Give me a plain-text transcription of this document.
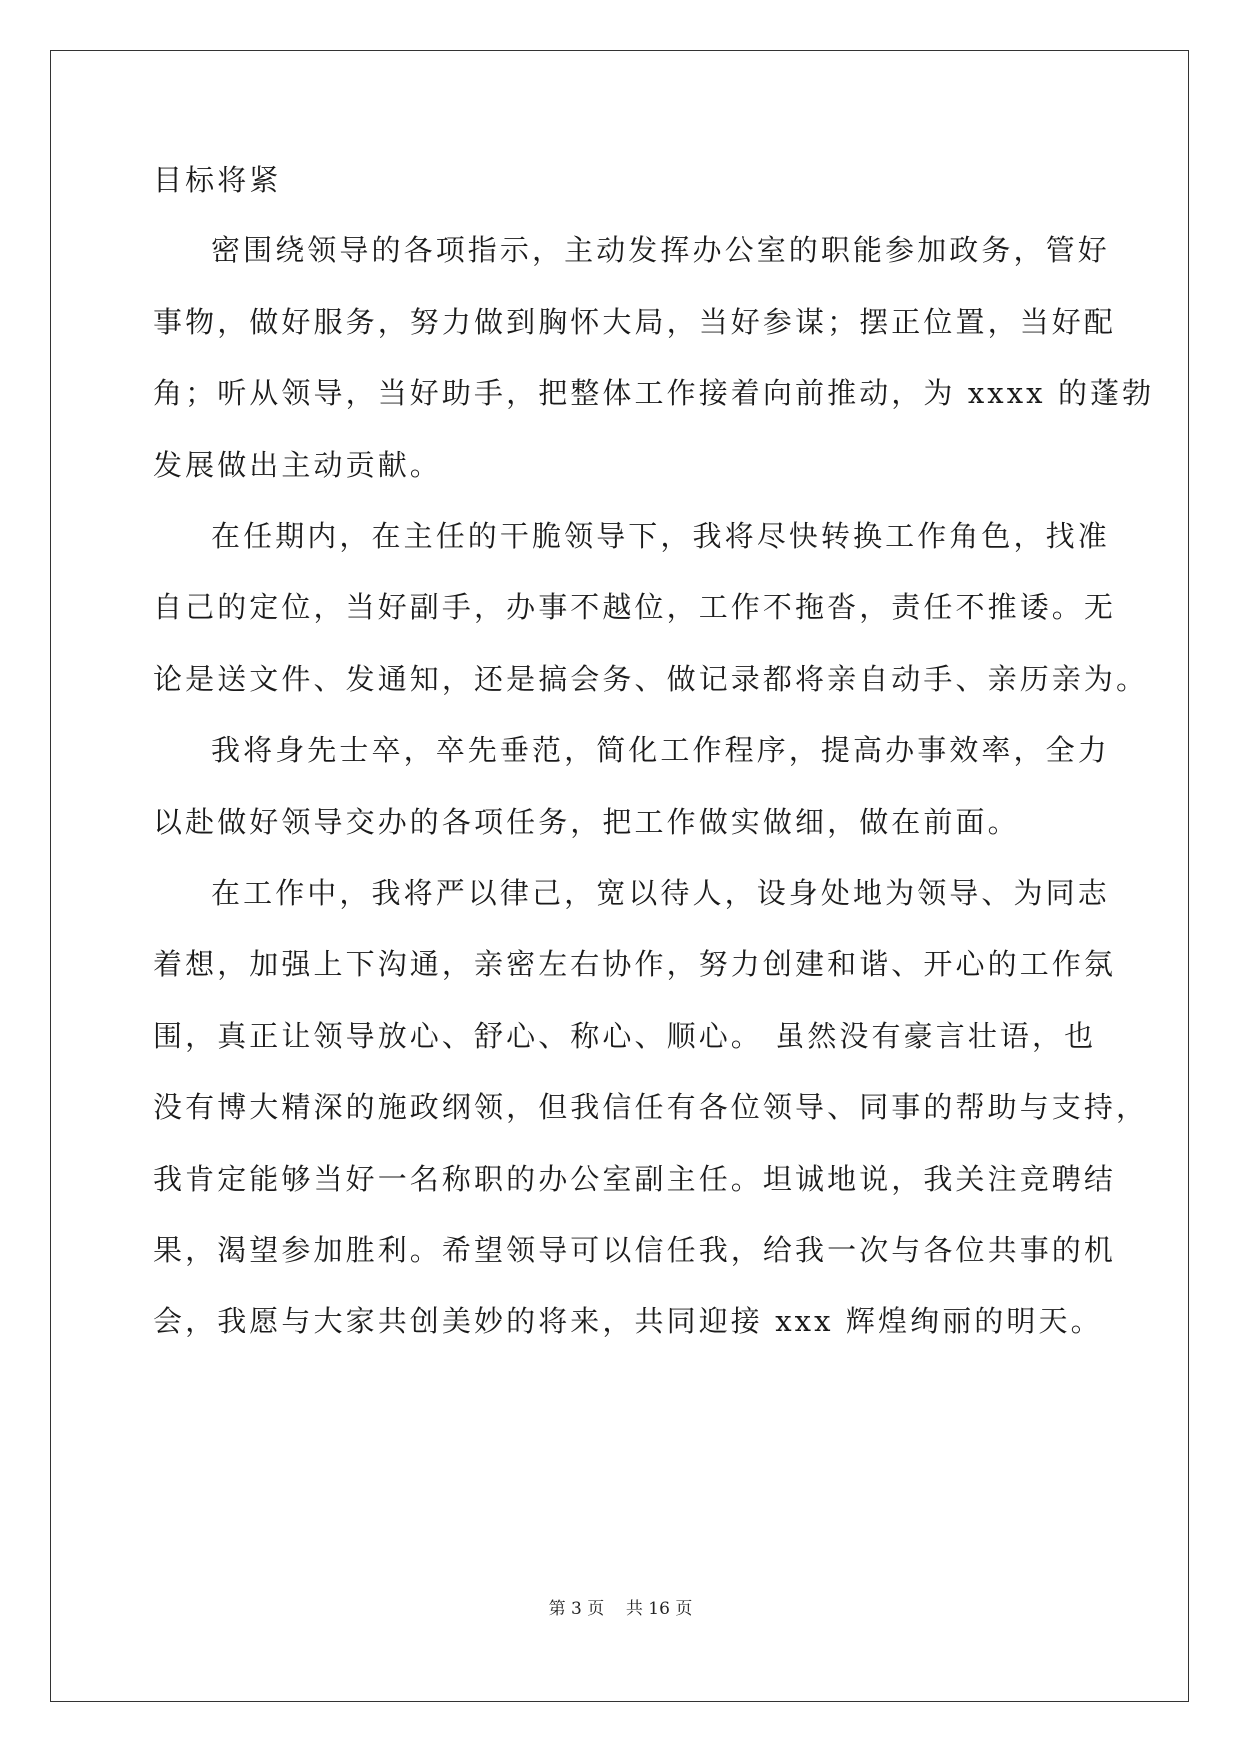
目标将紧
密围绕领导的各项指示，主动发挥办公室的职能参加政务，管好
事物，做好服务，努力做到胸怀大局，当好参谋；摆正位置，当好配
角；听从领导，当好助手，把整体工作接着向前推动，为 xxxx 的蓬勃
发展做出主动贡献。
在任期内，在主任的干脆领导下，我将尽快转换工作角色，找准
自己的定位，当好副手，办事不越位，工作不拖沓，责任不推诿。无
论是送文件、发通知，还是搞会务、做记录都将亲自动手、亲历亲为。
我将身先士卒，卒先垂范，简化工作程序，提高办事效率，全力
以赴做好领导交办的各项任务，把工作做实做细，做在前面。
在工作中，我将严以律己，宽以待人，设身处地为领导、为同志
着想，加强上下沟通，亲密左右协作，努力创建和谐、开心的工作氛
围，真正让领导放心、舒心、称心、顺心。 虽然没有豪言壮语，也
没有博大精深的施政纲领，但我信任有各位领导、同事的帮助与支持，
我肯定能够当好一名称职的办公室副主任。坦诚地说，我关注竞聘结
果，渴望参加胜利。希望领导可以信任我，给我一次与各位共事的机
会，我愿与大家共创美妙的将来，共同迎接 xxx 辉煌绚丽的明天。
第 3 页    共 16 页
